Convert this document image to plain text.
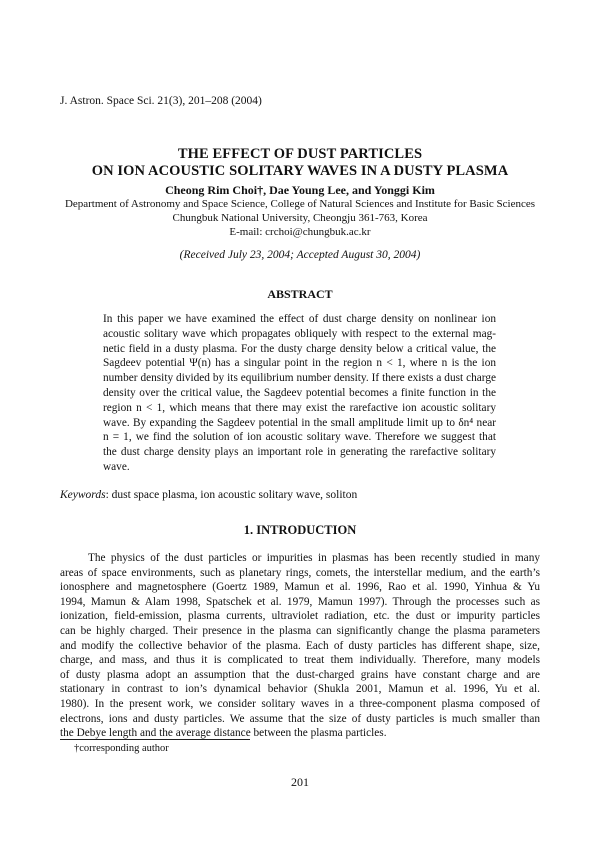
J. Astron. Space Sci. 21(3), 201–208 (2004)
THE EFFECT OF DUST PARTICLES
ON ION ACOUSTIC SOLITARY WAVES IN A DUSTY PLASMA
Cheong Rim Choi†, Dae Young Lee, and Yonggi Kim
Department of Astronomy and Space Science, College of Natural Sciences and Institute for Basic Sciences
Chungbuk National University, Cheongju 361-763, Korea
E-mail: crchoi@chungbuk.ac.kr
(Received July 23, 2004; Accepted August 30, 2004)
ABSTRACT
In this paper we have examined the effect of dust charge density on nonlinear ion
acoustic solitary wave which propagates obliquely with respect to the external mag-
netic field in a dusty plasma. For the dusty charge density below a critical value, the
Sagdeev potential Ψ(n) has a singular point in the region n < 1, where n is the ion
number density divided by its equilibrium number density. If there exists a dust charge
density over the critical value, the Sagdeev potential becomes a finite function in the
region n < 1, which means that there may exist the rarefactive ion acoustic solitary
wave. By expanding the Sagdeev potential in the small amplitude limit up to δn⁴ near
n = 1, we find the solution of ion acoustic solitary wave. Therefore we suggest that
the dust charge density plays an important role in generating the rarefactive solitary
wave.
Keywords: dust space plasma, ion acoustic solitary wave, soliton
1. INTRODUCTION
The physics of the dust particles or impurities in plasmas has been recently studied in many
areas of space environments, such as planetary rings, comets, the interstellar medium, and the earth’s
ionosphere and magnetosphere (Goertz 1989, Mamun et al. 1996, Rao et al. 1990, Yinhua & Yu
1994, Mamun & Alam 1998, Spatschek et al. 1979, Mamun 1997). Through the processes such as
ionization, field-emission, plasma currents, ultraviolet radiation, etc. the dust or impurity particles
can be highly charged. Their presence in the plasma can significantly change the plasma parameters
and modify the collective behavior of the plasma. Each of dusty particles has different shape, size,
charge, and mass, and thus it is complicated to treat them individually. Therefore, many models
of dusty plasma adopt an assumption that the dust-charged grains have constant charge and are
stationary in contrast to ion’s dynamical behavior (Shukla 2001, Mamun et al. 1996, Yu et al.
1980). In the present work, we consider solitary waves in a three-component plasma composed of
electrons, ions and dusty particles. We assume that the size of dusty particles is much smaller than
the Debye length and the average distance between the plasma particles.
†corresponding author
201
